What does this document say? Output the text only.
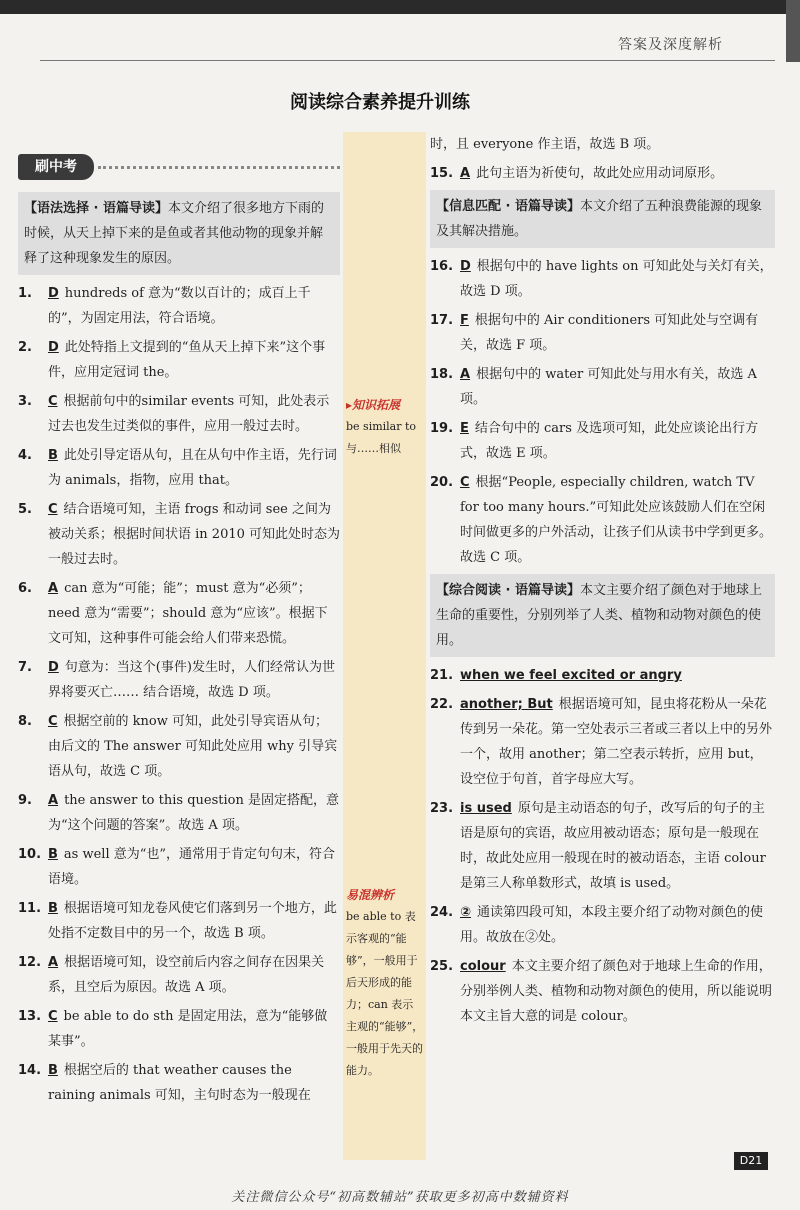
答案及深度解析
阅读综合素养提升训练
▸知识拓展
be similar to 与……相似
易混辨析
be able to 表示客观的“能够”，一般用于后天形成的能力；can 表示主观的“能够”，一般用于先天的能力。
刷中考
【语法选择 · 语篇导读】本文介绍了很多地方下雨的时候，从天上掉下来的是鱼或者其他动物的现象并解释了这种现象发生的原因。
1. D hundreds of 意为“数以百计的；成百上千的”，为固定用法，符合语境。
2. D 此处特指上文提到的“鱼从天上掉下来”这个事件，应用定冠词 the。
3. C 根据前句中的similar events 可知，此处表示过去也发生过类似的事件，应用一般过去时。
4. B 此处引导定语从句，且在从句中作主语，先行词为 animals，指物，应用 that。
5. C 结合语境可知，主语 frogs 和动词 see 之间为被动关系；根据时间状语 in 2010 可知此处时态为一般过去时。
6. A can 意为“可能；能”；must 意为“必须”；need 意为“需要”；should 意为“应该”。根据下文可知，这种事件可能会给人们带来恐慌。
7. D 句意为：当这个(事件)发生时，人们经常认为世界将要灭亡…… 结合语境，故选 D 项。
8. C 根据空前的 know 可知，此处引导宾语从句；由后文的 The answer 可知此处应用 why 引导宾语从句，故选 C 项。
9. A the answer to this question 是固定搭配，意为“这个问题的答案”。故选 A 项。
10. B as well 意为“也”，通常用于肯定句句末，符合语境。
11. B 根据语境可知龙卷风使它们落到另一个地方，此处指不定数目中的另一个，故选 B 项。
12. A 根据语境可知，设空前后内容之间存在因果关系，且空后为原因。故选 A 项。
13. C be able to do sth 是固定用法，意为“能够做某事”。
14. B 根据空后的 that weather causes the raining animals 可知，主句时态为一般现在
时，且 everyone 作主语，故选 B 项。
15. A 此句主语为祈使句，故此处应用动词原形。
【信息匹配 · 语篇导读】本文介绍了五种浪费能源的现象及其解决措施。
16. D 根据句中的 have lights on 可知此处与关灯有关，故选 D 项。
17. F 根据句中的 Air conditioners 可知此处与空调有关，故选 F 项。
18. A 根据句中的 water 可知此处与用水有关，故选 A 项。
19. E 结合句中的 cars 及选项可知，此处应谈论出行方式，故选 E 项。
20. C 根据“People, especially children, watch TV for too many hours.”可知此处应该鼓励人们在空闲时间做更多的户外活动，让孩子们从读书中学到更多。故选 C 项。
【综合阅读 · 语篇导读】本文主要介绍了颜色对于地球上生命的重要性，分别列举了人类、植物和动物对颜色的使用。
21. when we feel excited or angry
22. another; But 根据语境可知，昆虫将花粉从一朵花传到另一朵花。第一空处表示三者或三者以上中的另外一个，故用 another；第二空表示转折，应用 but，设空位于句首，首字母应大写。
23. is used 原句是主动语态的句子，改写后的句子的主语是原句的宾语，故应用被动语态；原句是一般现在时，故此处应用一般现在时的被动语态，主语 colour 是第三人称单数形式，故填 is used。
24. ② 通读第四段可知，本段主要介绍了动物对颜色的使用。故放在②处。
25. colour 本文主要介绍了颜色对于地球上生命的作用，分别举例人类、植物和动物对颜色的使用，所以能说明本文主旨大意的词是 colour。
D21
关注微信公众号“初高数辅站”获取更多初高中数辅资料
